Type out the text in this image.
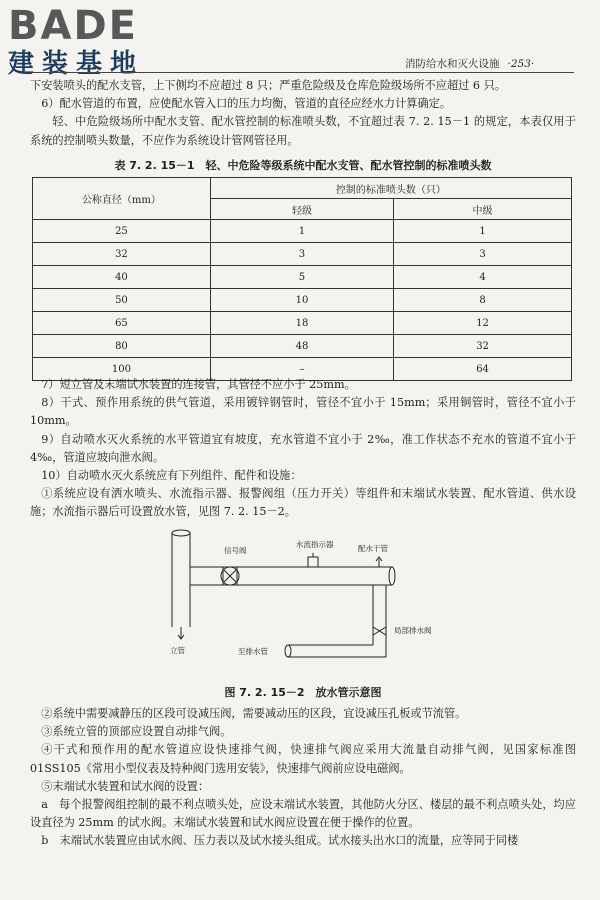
BADE
建装基地	消防给水和灭火设施 ·253·

下安装喷头的配水支管，上下侧均不应超过 8 只；严重危险级及仓库危险级场所不应超过 6 只。

6）配水管道的布置，应使配水管入口的压力均衡，管道的直径应经水力计算确定。

轻、中危险级场所中配水支管、配水管控制的标准喷头数，不宜超过表 7. 2. 15－1 的规定，本表仅用于系统的控制喷头数量，不应作为系统设计管网管径用。

表 7. 2. 15－1　轻、中危险等级系统中配水支管、配水管控制的标准喷头数
公称直径（mm）	控制的标准喷头数（只）	
	轻级	中级
25	1	1
32	3	3
40	5	4
50	10	8
65	18	12
80	48	32
100	–	64

7）短立管及末端试水装置的连接管，其管径不应小于 25mm。

8）干式、预作用系统的供气管道，采用镀锌钢管时，管径不宜小于 15mm；采用铜管时，管径不宜小于 10mm。

9）自动喷水灭火系统的水平管道宜有坡度，充水管道不宜小于 2‰，准工作状态不充水的管道不宜小于 4‰，管道应坡向泄水阀。

10）自动喷水灭火系统应有下列组件、配件和设施：

①系统应设有洒水喷头、水流指示器、报警阀组（压力开关）等组件和末端试水装置、配水管道、供水设施；水流指示器后可设置放水管，见图 7. 2. 15－2。

信号阀
水流指示器	配水干管
立管
局部排水阀
至排水管
图 7. 2. 15－2　放水管示意图

②系统中需要减静压的区段可设减压阀，需要减动压的区段，宜设减压孔板或节流管。

③系统立管的顶部应设置自动排气阀。

④干式和预作用的配水管道应设快速排气阀，快速排气阀应采用大流量自动排气阀，见国家标准图 01SS105《常用小型仪表及特种阀门选用安装》，快速排气阀前应设电磁阀。

⑤末端试水装置和试水阀的设置：

a　每个报警阀组控制的最不利点喷头处，应设末端试水装置，其他防火分区、楼层的最不利点喷头处，均应设直径为 25mm 的试水阀。末端试水装置和试水阀应设置在便于操作的位置。

b　末端试水装置应由试水阀、压力表以及试水接头组成。试水接头出水口的流量，应等同于同楼
